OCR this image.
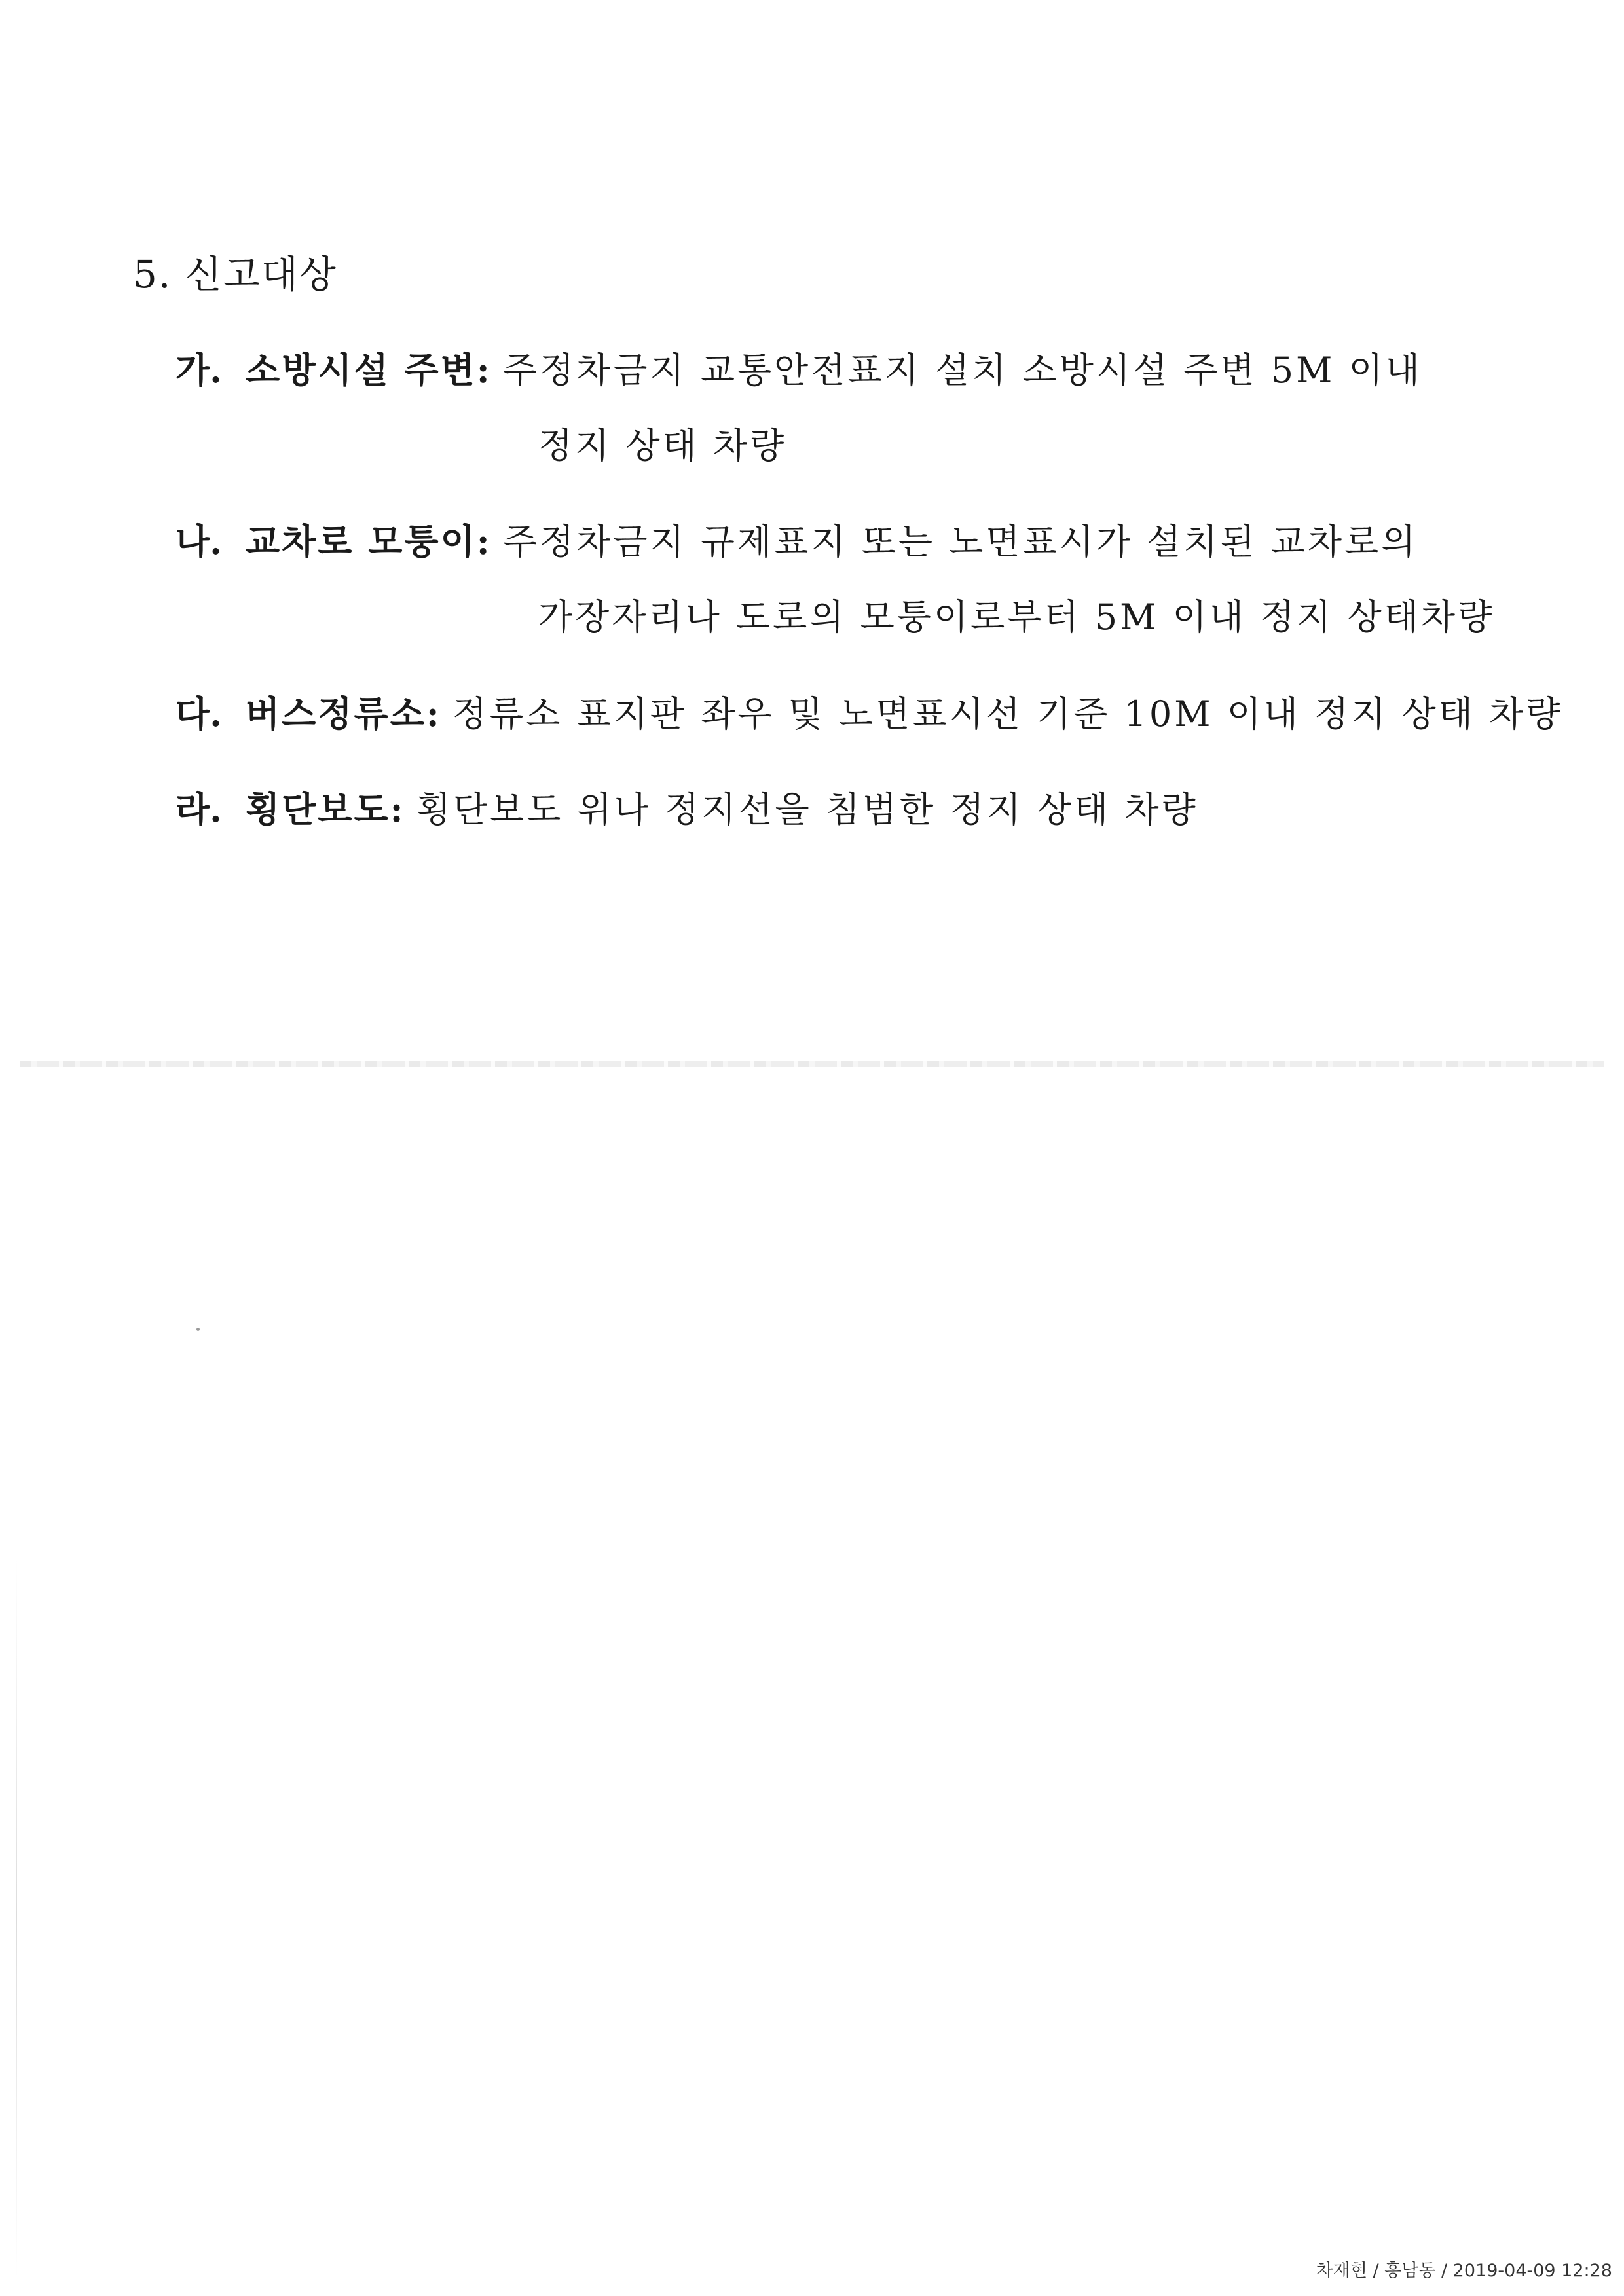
5. 신고대상
가. 소방시설 주변: 주정차금지 교통안전표지 설치 소방시설 주변 5M 이내
정지 상태 차량
나. 교차로 모퉁이: 주정차금지 규제표지 또는 노면표시가 설치된 교차로의
가장자리나 도로의 모퉁이로부터 5M 이내 정지 상태차량
다. 버스정류소: 정류소 표지판 좌우 및 노면표시선 기준 10M 이내 정지 상태 차량
라. 횡단보도: 횡단보도 위나 정지선을 침범한 정지 상태 차량
차재현 / 흥남동 / 2019-04-09 12:28
